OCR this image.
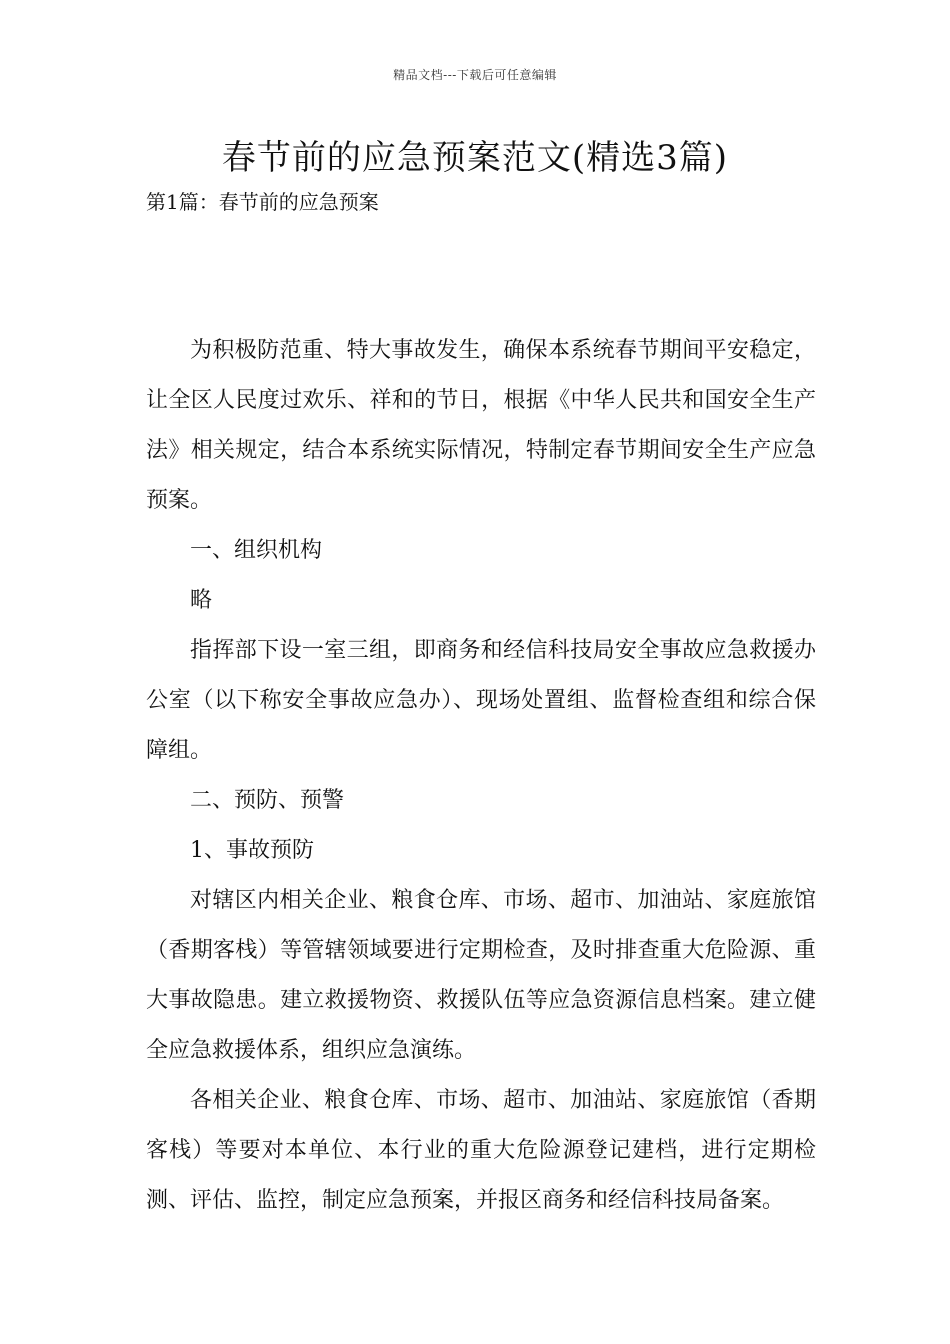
精品文档---下载后可任意编辑
春节前的应急预案范文(精选3篇)
第1篇：春节前的应急预案

为积极防范重、特大事故发生，确保本系统春节期间平安稳定，让全区人民度过欢乐、祥和的节日，根据《中华人民共和国安全生产法》相关规定，结合本系统实际情况，特制定春节期间安全生产应急预案。

一、组织机构

略

指挥部下设一室三组，即商务和经信科技局安全事故应急救援办公室（以下称安全事故应急办）、现场处置组、监督检查组和综合保障组。

二、预防、预警

1、事故预防

对辖区内相关企业、粮食仓库、市场、超市、加油站、家庭旅馆（香期客栈）等管辖领域要进行定期检查，及时排查重大危险源、重大事故隐患。建立救援物资、救援队伍等应急资源信息档案。建立健全应急救援体系，组织应急演练。

各相关企业、粮食仓库、市场、超市、加油站、家庭旅馆（香期客栈）等要对本单位、本行业的重大危险源登记建档，进行定期检测、评估、监控，制定应急预案，并报区商务和经信科技局备案。
